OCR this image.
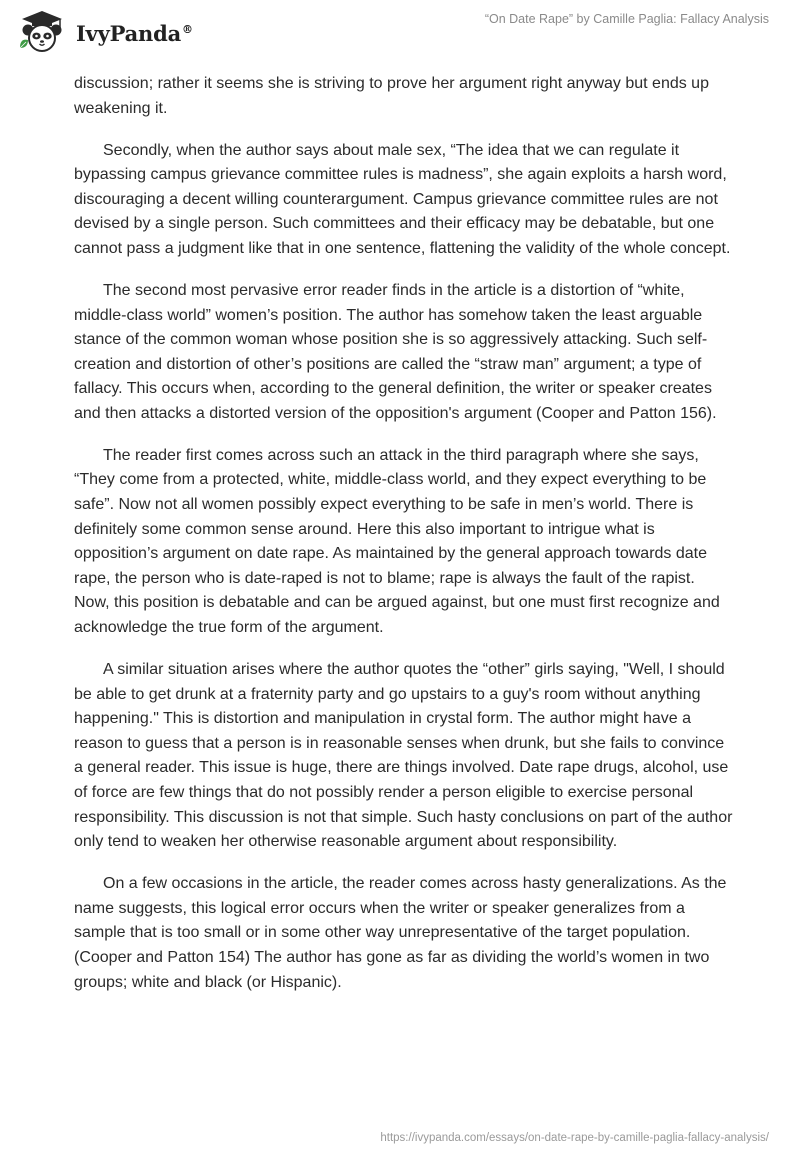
IvyPanda®
“On Date Rape” by Camille Paglia: Fallacy Analysis

discussion; rather it seems she is striving to prove her argument right anyway but ends up weakening it.

Secondly, when the author says about male sex, “The idea that we can regulate it bypassing campus grievance committee rules is madness”, she again exploits a harsh word, discouraging a decent willing counterargument. Campus grievance committee rules are not devised by a single person. Such committees and their efficacy may be debatable, but one cannot pass a judgment like that in one sentence, flattening the validity of the whole concept.

The second most pervasive error reader finds in the article is a distortion of “white, middle-class world” women’s position. The author has somehow taken the least arguable stance of the common woman whose position she is so aggressively attacking. Such self-creation and distortion of other’s positions are called the “straw man” argument; a type of fallacy. This occurs when, according to the general definition, the writer or speaker creates and then attacks a distorted version of the opposition's argument (Cooper and Patton 156).

The reader first comes across such an attack in the third paragraph where she says, “They come from a protected, white, middle-class world, and they expect everything to be safe”. Now not all women possibly expect everything to be safe in men’s world. There is definitely some common sense around. Here this also important to intrigue what is opposition’s argument on date rape. As maintained by the general approach towards date rape, the person who is date-raped is not to blame; rape is always the fault of the rapist. Now, this position is debatable and can be argued against, but one must first recognize and acknowledge the true form of the argument.

A similar situation arises where the author quotes the “other” girls saying, "Well, I should be able to get drunk at a fraternity party and go upstairs to a guy's room without anything happening." This is distortion and manipulation in crystal form. The author might have a reason to guess that a person is in reasonable senses when drunk, but she fails to convince a general reader. This issue is huge, there are things involved. Date rape drugs, alcohol, use of force are few things that do not possibly render a person eligible to exercise personal responsibility. This discussion is not that simple. Such hasty conclusions on part of the author only tend to weaken her otherwise reasonable argument about responsibility.

On a few occasions in the article, the reader comes across hasty generalizations. As the name suggests, this logical error occurs when the writer or speaker generalizes from a sample that is too small or in some other way unrepresentative of the target population. (Cooper and Patton 154) The author has gone as far as dividing the world’s women in two groups; white and black (or Hispanic).

https://ivypanda.com/essays/on-date-rape-by-camille-paglia-fallacy-analysis/
